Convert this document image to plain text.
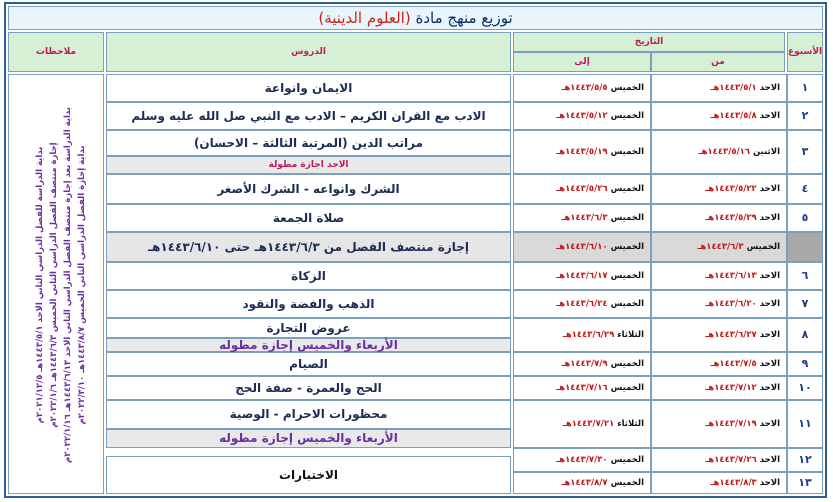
توزيع منهج مادة (العلوم الدينية)
الأسبوع
التاريخ
من
إلى
الدروس
ملاحظات
بداية الدراسة للفصل الدراسي الثاني الاحد ١٤٤٣/٥/١هـ ٢٠٢١/١٢/٥م
إجازة منتصف الفصل الدراسي الثاني الخميس ١٤٤٣/٦/٣هـ ٢٠٢٢/١/٦م
بداية الدراسة بعد إجازة منتصف الفصل الدراسي الثاني الاحد ١٤٤٣/٦/١٣هـ ٢٠٢٢/١/١٦م
بداية إجازة الفصل الدراسي الثاني الخميس ١٤٤٣/٨/٧هـ ٢٠٢٢/٣/١٠م
١
الاحد ١٤٤٣/٥/١هـ
الخميس ١٤٤٣/٥/٥هـ
الايمان وانواعة
٢
الاحد ١٤٤٣/٥/٨هـ
الخميس ١٤٤٣/٥/١٢هـ
الادب مع القران الكريم – الادب مع النبي صل الله عليه وسلم
٣
الاثنين ١٤٤٣/٥/١٦هـ
الخميس ١٤٤٣/٥/١٩هـ
مراتب الدين (المرتبة الثالثة – الاحسان)
الاحد اجازة مطولة
٤
الاحد ١٤٤٣/٥/٢٢هـ
الخميس ١٤٤٣/٥/٢٦هـ
الشرك وانواعه - الشرك الأصغر
٥
الاحد ١٤٤٣/٥/٢٩هـ
الخميس ١٤٤٣/٦/٣هـ
صلاة الجمعة
الخميس ١٤٤٣/٦/٣هـ
الخميس ١٤٤٣/٦/١٠هـ
إجازة منتصف الفصل من ١٤٤٣/٦/٣هـ حتى ١٤٤٣/٦/١٠هـ
٦
الاحد ١٤٤٣/٦/١٣هـ
الخميس ١٤٤٣/٦/١٧هـ
الزكاة
٧
الاحد ١٤٤٣/٦/٢٠هـ
الخميس ١٤٤٣/٦/٢٤هـ
الذهب والفضة والنقود
٨
الاحد ١٤٤٣/٦/٢٧هـ
الثلاثاء ١٤٤٣/٦/٢٩هـ
عروض التجارة
الأربعاء والخميس إجازة مطوله
٩
الاحد ١٤٤٣/٧/٥هـ
الخميس ١٤٤٣/٧/٩هـ
الصيام
١٠
الاحد ١٤٤٣/٧/١٢هـ
الخميس ١٤٤٣/٧/١٦هـ
الحج والعمرة - صفة الحج
١١
الاحد ١٤٤٣/٧/١٩هـ
الثلاثاء ١٤٤٣/٧/٢١هـ
محظورات الاحرام - الوصية
الأربعاء والخميس إجازة مطوله
١٢
الاحد ١٤٤٣/٧/٢٦هـ
الخميس ١٤٤٣/٧/٣٠هـ
١٣
الاحد ١٤٤٣/٨/٣هـ
الخميس ١٤٤٣/٨/٧هـ
الاختبارات
